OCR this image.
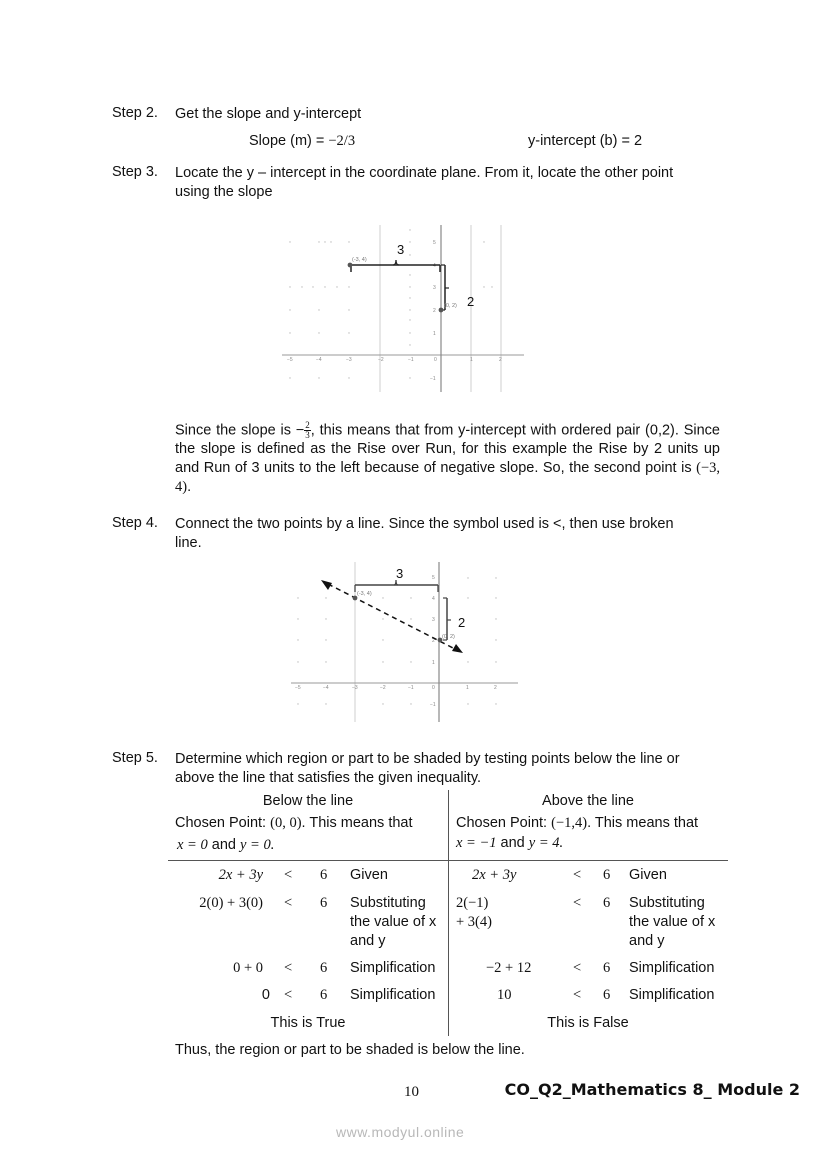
Step 2. Get the slope and y-intercept
Slope (m) = −2/3	y-intercept (b) = 2
Step 3. Locate the y – intercept in the coordinate plane. From it, locate the other point
using the slope
−5	−4	−3	−2	−1	0	1	2
5
4
3
2
1
−1
(-3, 4)
(0, 2)
3
2
Since the slope is − $\frac{2}{3}$ , this means that from y-intercept with ordered pair (0,2). Since the slope is defined as the Rise over Run, for this example the Rise by 2 units up and Run of 3 units to the left because of negative slope. So, the second point is (−3, 4).
Step 4. Connect the two points by a line. Since the symbol used is <, then use broken
line.
−5	−4	−3	−2	−1	0	1	2
5
4
3
2
1
−1
(-3, 4)
(0, 2)
3
2
Step 5. Determine which region or part to be shaded by testing points below the line or
above the line that satisfies the given inequality.
Below the line
Chosen Point: (0, 0). This means that
x = 0 and y = 0.
Above the line
Chosen Point: (−1,4). This means that
x = −1 and y = 4.
2x + 3y < 6 Given
2(0) + 3(0) < 6 Substituting the value of x and y
0 + 0 < 6 Simplification
0 < 6 Simplification
This is True
2x + 3y	< 6 Given
2(−1)
+ 3(4)
< 6 Substituting the value of x and y
−2 + 12	< 6 Simplification
10	< 6 Simplification
This is False
Thus, the region or part to be shaded is below the line.
10	CO_Q2_Mathematics 8_ Module 2
www.modyul.online
